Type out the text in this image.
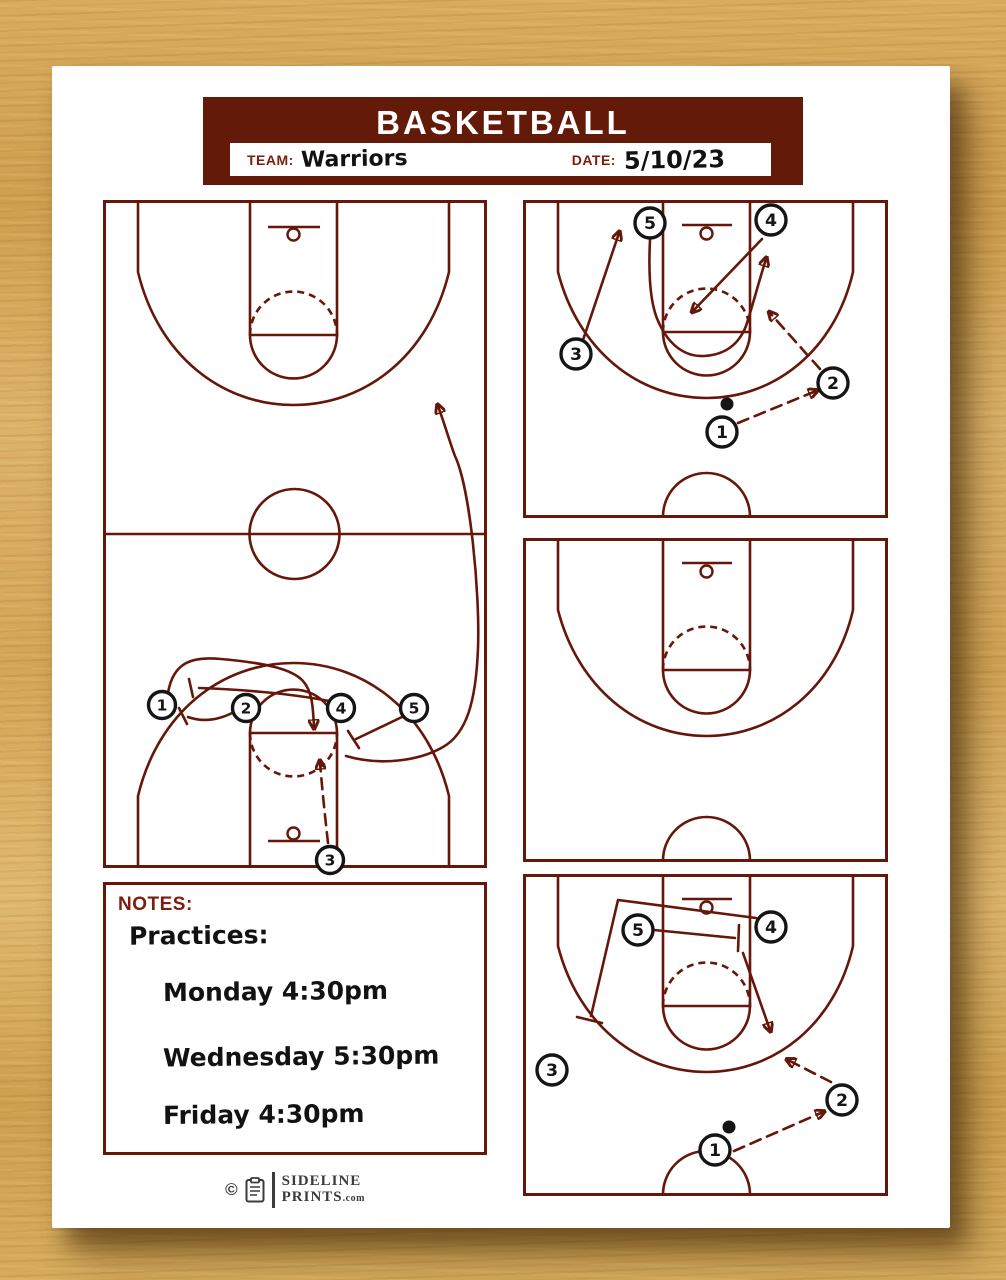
BASKETBALL
TEAM: Warriors	DATE: 5/10/23
1	2	4	5
3
5	4
3
2
1
5	4
3
2
1
NOTES:
Practices:
Monday 4:30pm
Wednesday 5:30pm
Friday 4:30pm
©	SIDELINE
PRINTS.com
